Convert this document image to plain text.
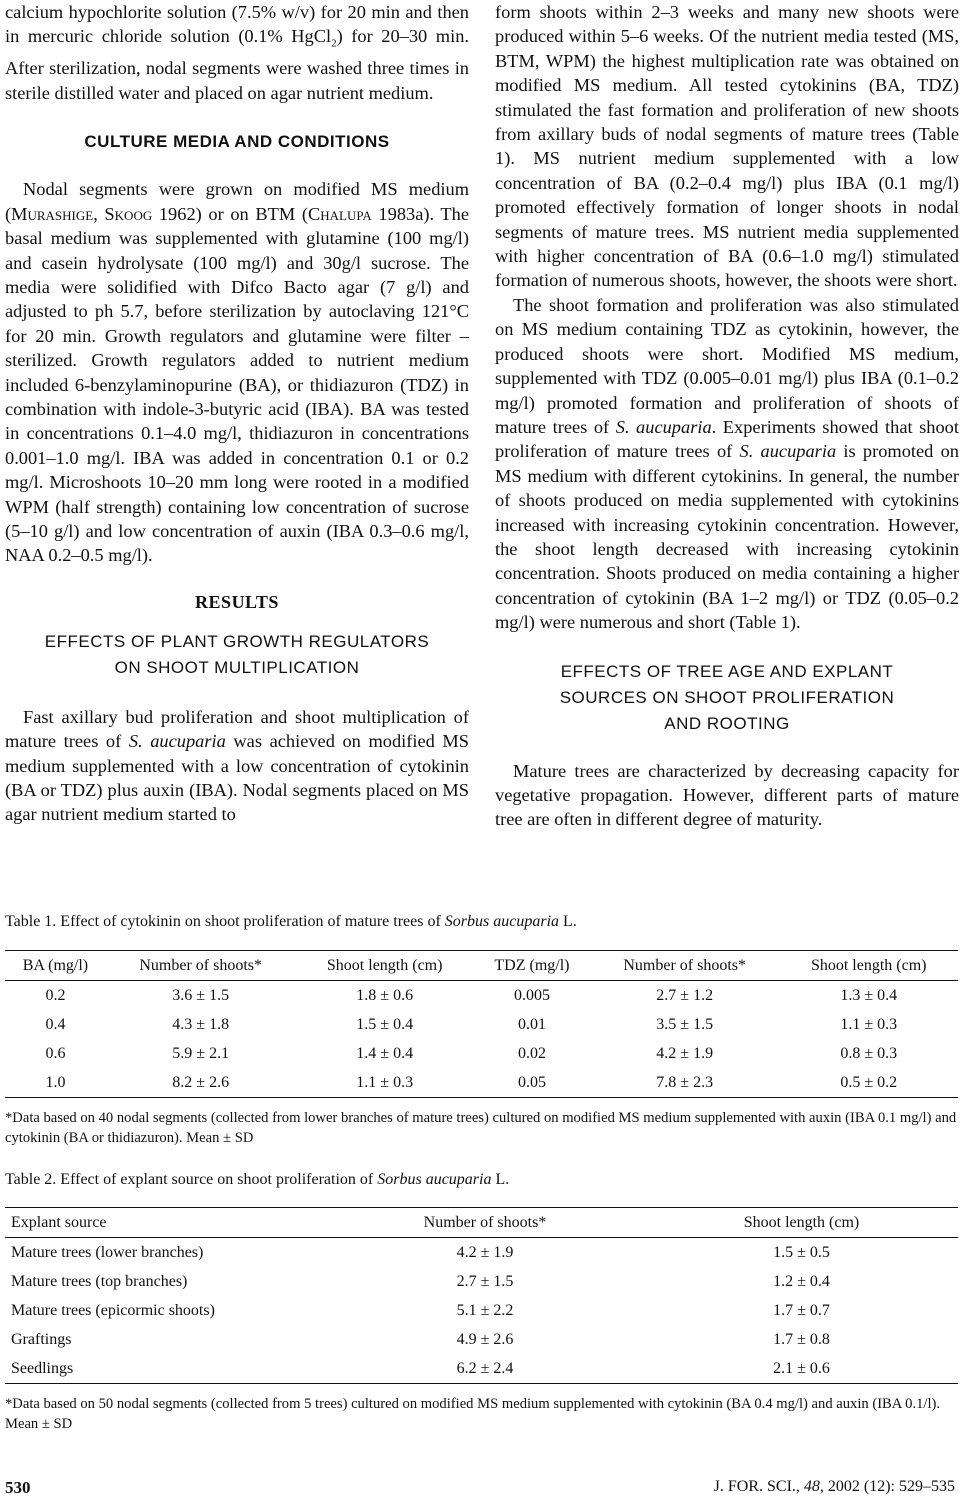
calcium hypochlorite solution (7.5% w/v) for 20 min and then in mercuric chloride solution (0.1% HgCl$_2$) for 20–30 min. After sterilization, nodal segments were washed three times in sterile distilled water and placed on agar nutrient medium.

CULTURE MEDIA AND CONDITIONS

Nodal segments were grown on modified MS medium (Murashige, Skoog 1962) or on BTM (Chalupa 1983a). The basal medium was supplemented with glutamine (100 mg/l) and casein hydrolysate (100 mg/l) and 30g/l sucrose. The media were solidified with Difco Bacto agar (7 g/l) and adjusted to ph 5.7, before sterilization by autoclaving 121°C for 20 min. Growth regulators and glutamine were filter – sterilized. Growth regulators added to nutrient medium included 6-benzylaminopurine (BA), or thidiazuron (TDZ) in combination with indole-3-butyric acid (IBA). BA was tested in concentrations 0.1–4.0 mg/l, thidiazuron in concentrations 0.001–1.0 mg/l. IBA was added in concentration 0.1 or 0.2 mg/l. Microshoots 10–20 mm long were rooted in a modified WPM (half strength) containing low concentration of sucrose (5–10 g/l) and low concentration of auxin (IBA 0.3–0.6 mg/l, NAA 0.2–0.5 mg/l).

RESULTS
EFFECTS OF PLANT GROWTH REGULATORS
ON SHOOT MULTIPLICATION

Fast axillary bud proliferation and shoot multiplication of mature trees of S. aucuparia was achieved on modified MS medium supplemented with a low concentration of cytokinin (BA or TDZ) plus auxin (IBA). Nodal segments placed on MS agar nutrient medium started to

form shoots within 2–3 weeks and many new shoots were produced within 5–6 weeks. Of the nutrient media tested (MS, BTM, WPM) the highest multiplication rate was obtained on modified MS medium. All tested cytokinins (BA, TDZ) stimulated the fast formation and proliferation of new shoots from axillary buds of nodal segments of mature trees (Table 1). MS nutrient medium supplemented with a low concentration of BA (0.2–0.4 mg/l) plus IBA (0.1 mg/l) promoted effectively formation of longer shoots in nodal segments of mature trees. MS nutrient media supplemented with higher concentration of BA (0.6–1.0 mg/l) stimulated formation of numerous shoots, however, the shoots were short.

The shoot formation and proliferation was also stimulated on MS medium containing TDZ as cytokinin, however, the produced shoots were short. Modified MS medium, supplemented with TDZ (0.005–0.01 mg/l) plus IBA (0.1–0.2 mg/l) promoted formation and proliferation of shoots of mature trees of S. aucuparia. Experiments showed that shoot proliferation of mature trees of S. aucuparia is promoted on MS medium with different cytokinins. In general, the number of shoots produced on media supplemented with cytokinins increased with increasing cytokinin concentration. However, the shoot length decreased with increasing cytokinin concentration. Shoots produced on media containing a higher concentration of cytokinin (BA 1–2 mg/l) or TDZ (0.05–0.2 mg/l) were numerous and short (Table 1).

EFFECTS OF TREE AGE AND EXPLANT
SOURCES ON SHOOT PROLIFERATION
AND ROOTING

Mature trees are characterized by decreasing capacity for vegetative propagation. However, different parts of mature tree are often in different degree of maturity.

Table 1. Effect of cytokinin on shoot proliferation of mature trees of Sorbus aucuparia L.

BA (mg/l)	Number of shoots*	Shoot length (cm)	TDZ (mg/l)	Number of shoots*	Shoot length (cm)
0.2	3.6 ± 1.5	1.8 ± 0.6	0.005	2.7 ± 1.2	1.3 ± 0.4
0.4	4.3 ± 1.8	1.5 ± 0.4	0.01	3.5 ± 1.5	1.1 ± 0.3
0.6	5.9 ± 2.1	1.4 ± 0.4	0.02	4.2 ± 1.9	0.8 ± 0.3
1.0	8.2 ± 2.6	1.1 ± 0.3	0.05	7.8 ± 2.3	0.5 ± 0.2

*Data based on 40 nodal segments (collected from lower branches of mature trees) cultured on modified MS medium supplemented with auxin (IBA 0.1 mg/l) and cytokinin (BA or thidiazuron). Mean ± SD

Table 2. Effect of explant source on shoot proliferation of Sorbus aucuparia L.

Explant source	Number of shoots*	Shoot length (cm)
Mature trees (lower branches)	4.2 ± 1.9	1.5 ± 0.5
Mature trees (top branches)	2.7 ± 1.5	1.2 ± 0.4
Mature trees (epicormic shoots)	5.1 ± 2.2	1.7 ± 0.7
Graftings	4.9 ± 2.6	1.7 ± 0.8
Seedlings	6.2 ± 2.4	2.1 ± 0.6

*Data based on 50 nodal segments (collected from 5 trees) cultured on modified MS medium supplemented with cytokinin (BA 0.4 mg/l) and auxin (IBA 0.1/l). Mean ± SD

530	J. FOR. SCI., 48, 2002 (12): 529–535
